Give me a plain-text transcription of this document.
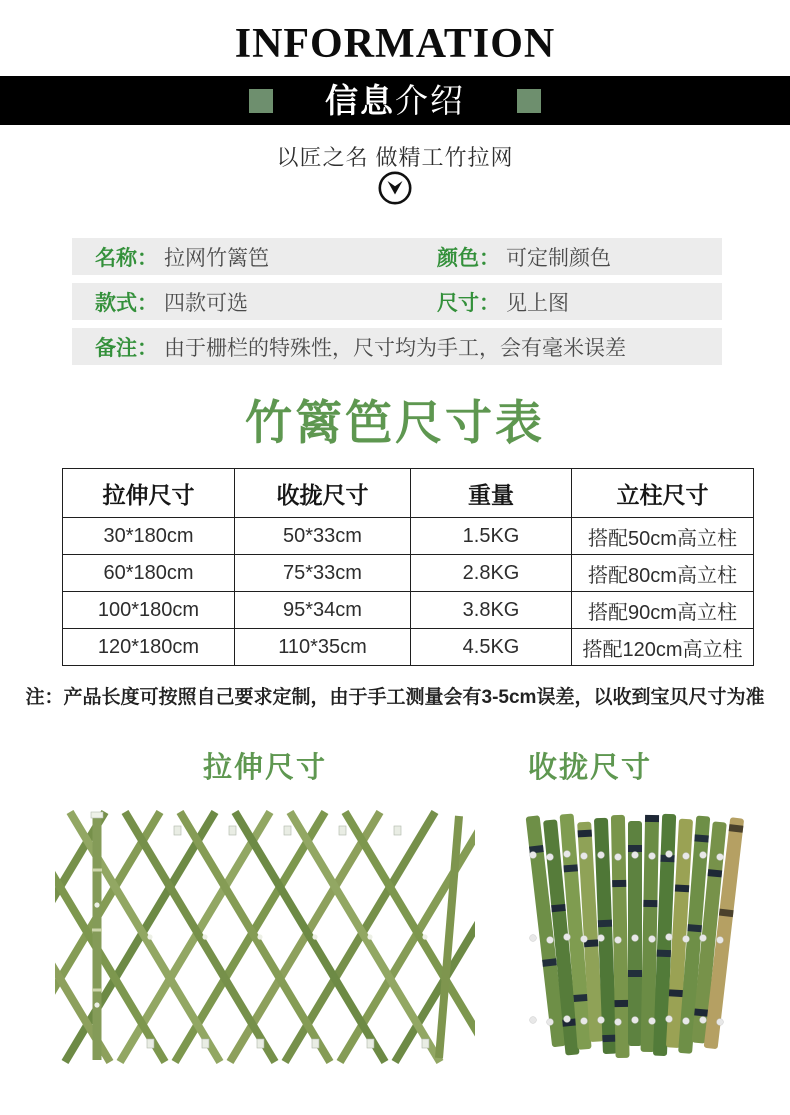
INFORMATION
信息介绍
以匠之名 做精工竹拉网
名称： 拉网竹篱笆	颜色： 可定制颜色
款式： 四款可选	尺寸： 见上图
备注： 由于栅栏的特殊性，尺寸均为手工，会有毫米误差
竹篱笆尺寸表
拉伸尺寸	收拢尺寸	重量	立柱尺寸
30*180cm	50*33cm	1.5KG	搭配50cm高立柱
60*180cm	75*33cm	2.8KG	搭配80cm高立柱
100*180cm	95*34cm	3.8KG	搭配90cm高立柱
120*180cm	110*35cm	4.5KG	搭配120cm高立柱
注：产品长度可按照自己要求定制，由于手工测量会有3-5cm误差，以收到宝贝尺寸为准
拉伸尺寸	收拢尺寸
